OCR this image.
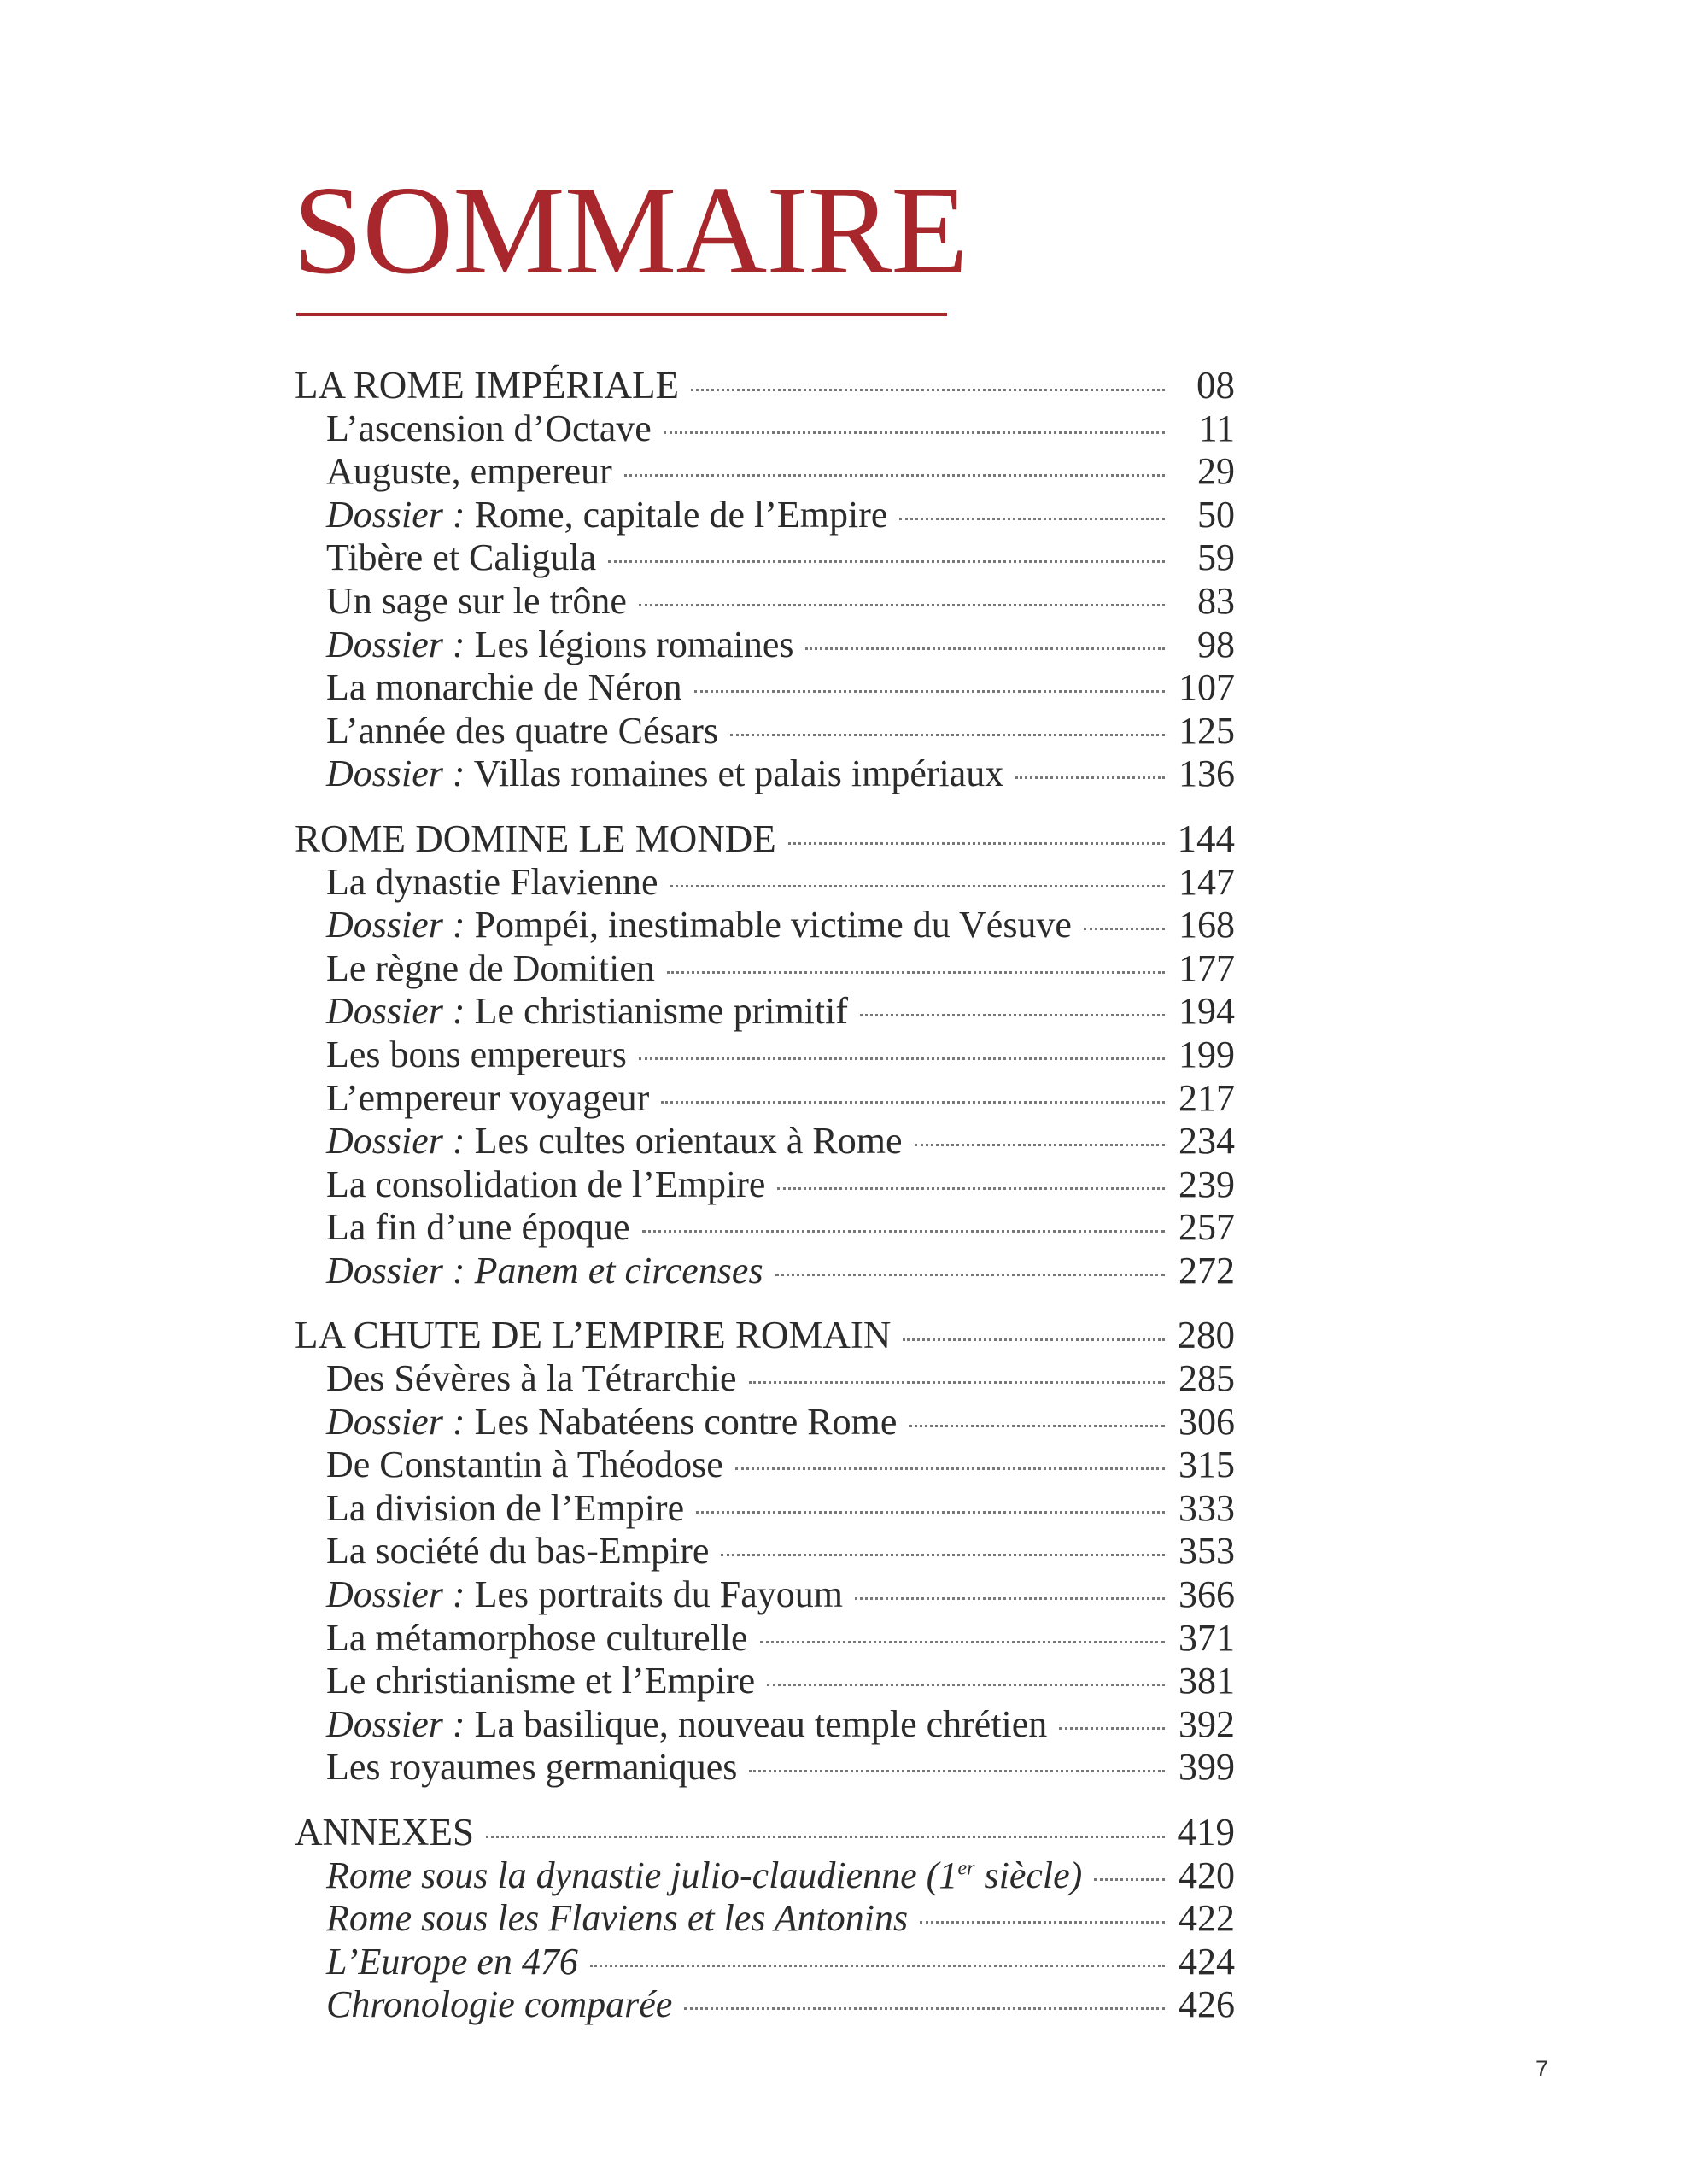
SOMMAIRE
LA ROME IMPÉRIALE	08
L’ascension d’Octave	11
Auguste, empereur	29
Dossier : Rome, capitale de l’Empire	50
Tibère et Caligula	59
Un sage sur le trône	83
Dossier : Les légions romaines	98
La monarchie de Néron	107
L’année des quatre Césars	125
Dossier : Villas romaines et palais impériaux	136
ROME DOMINE LE MONDE	144
La dynastie Flavienne	147
Dossier : Pompéi, inestimable victime du Vésuve	168
Le règne de Domitien	177
Dossier : Le christianisme primitif	194
Les bons empereurs	199
L’empereur voyageur	217
Dossier : Les cultes orientaux à Rome	234
La consolidation de l’Empire	239
La fin d’une époque	257
Dossier : Panem et circenses	272
LA CHUTE DE L’EMPIRE ROMAIN	280
Des Sévères à la Tétrarchie	285
Dossier : Les Nabatéens contre Rome	306
De Constantin à Théodose	315
La division de l’Empire	333
La société du bas-Empire	353
Dossier : Les portraits du Fayoum	366
La métamorphose culturelle	371
Le christianisme et l’Empire	381
Dossier : La basilique, nouveau temple chrétien	392
Les royaumes germaniques	399
ANNEXES	419
Rome sous la dynastie julio-claudienne (1er siècle)	420
Rome sous les Flaviens et les Antonins	422
L’Europe en 476	424
Chronologie comparée	426
7
